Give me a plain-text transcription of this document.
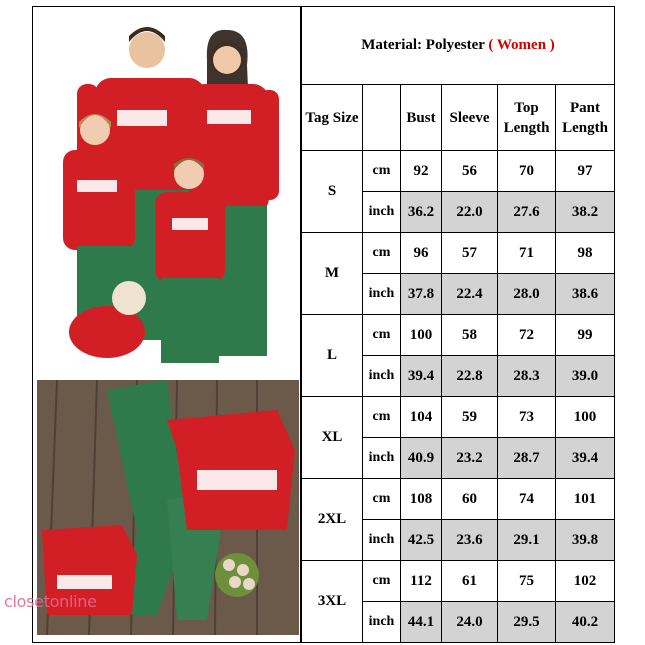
Material: Polyester ( Women )					
Tag Size		Bust	Sleeve	Top Length	Pant Length
S	cm	92	56	70	97
	inch	36.2	22.0	27.6	38.2
M	cm	96	57	71	98
	inch	37.8	22.4	28.0	38.6
L	cm	100	58	72	99
	inch	39.4	22.8	28.3	39.0
XL	cm	104	59	73	100
	inch	40.9	23.2	28.7	39.4
2XL	cm	108	60	74	101
	inch	42.5	23.6	29.1	39.8
3XL	cm	112	61	75	102
	inch	44.1	24.0	29.5	40.2
closetonline
